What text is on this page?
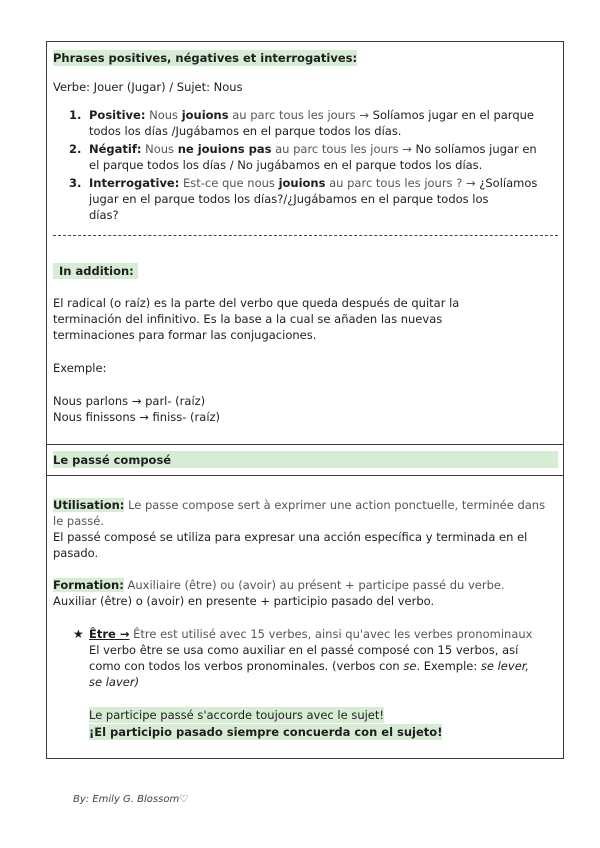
Phrases positives, négatives et interrogatives:
Verbe: Jouer (Jugar) / Sujet: Nous
1. Positive: Nous jouions au parc tous les jours → Solíamos jugar en el parque
todos los días /Jugábamos en el parque todos los días.
2. Négatif: Nous ne jouions pas au parc tous les jours → No solíamos jugar en
el parque todos los días / No jugábamos en el parque todos los días.
3. Interrogative: Est-ce que nous jouions au parc tous les jours ? → ¿Solíamos
jugar en el parque todos los días?/¿Jugábamos en el parque todos los
días?
In addition:
El radical (o raíz) es la parte del verbo que queda después de quitar la
terminación del infinitivo. Es la base a la cual se añaden las nuevas
terminaciones para formar las conjugaciones.
Exemple:
Nous parlons → parl- (raíz)
Nous finissons → finiss- (raíz)
Le passé composé
Utilisation: Le passe compose sert à exprimer une action ponctuelle, terminée dans
le passé.
El passé composé se utiliza para expresar una acción específica y terminada en el
pasado.
Formation: Auxiliaire (être) ou (avoir) au présent + participe passé du verbe.
Auxiliar (être) o (avoir) en presente + participio pasado del verbo.
★ Être → Être est utilisé avec 15 verbes, ainsi qu'avec les verbes pronominaux
El verbo être se usa como auxiliar en el passé composé con 15 verbos, así
como con todos los verbos pronominales. (verbos con se. Exemple: se lever,
se laver)
Le participe passé s'accorde toujours avec le sujet!
¡El participio pasado siempre concuerda con el sujeto!
By: Emily G. Blossom♡
